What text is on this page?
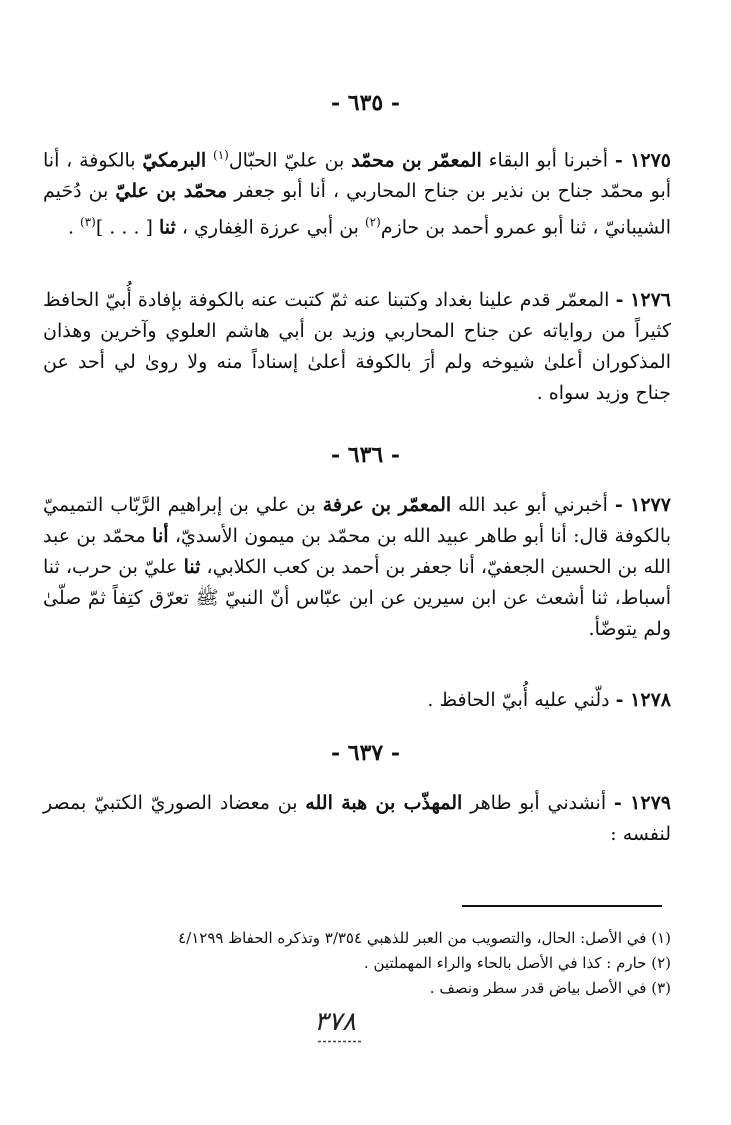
- ٦٣٥ -
١٢٧٥ - أخبرنا أبو البقاء المعمّر بن محمّد بن عليّ الحبّال$^{(١)}$ البرمكيّ بالكوفة ، أنا أبو محمّد جناح بن نذير بن جناح المحاربي ، أنا أبو جعفر محمّد بن عليّ بن دُحَيم الشيبانيّ ، ثنا أبو عمرو أحمد بن حازم$^{(٢)}$ بن أبي عرزة الغِفاري ، ثنا [ . . . ]$^{(٣)}$ .
١٢٧٦ - المعمّر قدم علينا بغداد وكتبنا عنه ثمّ كتبت عنه بالكوفة بإفادة أُبيّ الحافظ كثيراً من رواياته عن جناح المحاربي وزيد بن أبي هاشم العلوي وآخرين وهذان المذكوران أعلىٰ شيوخه ولم أرَ بالكوفة أعلىٰ إسناداً منه ولا روىٰ لي أحد عن جناح وزيد سواه .
- ٦٣٦ -
١٢٧٧ - أخبرني أبو عبد الله المعمّر بن عرفة بن علي بن إبراهيم الرَّبّاب التميميّ بالكوفة قال: أنا أبو طاهر عبيد الله بن محمّد بن ميمون الأسديّ، أنا محمّد بن عبد الله بن الحسين الجعفيّ، أنا جعفر بن أحمد بن كعب الكلابي، ثنا عليّ بن حرب، ثنا أسباط، ثنا أشعث عن ابن سيرين عن ابن عبّاس أنّ النبيّ ﷺ تعرّق كتِفاً ثمّ صلّىٰ ولم يتوضّأ.
١٢٧٨ - دلّني عليه أُبيّ الحافظ .
- ٦٣٧ -
١٢٧٩ - أنشدني أبو طاهر المهذّب بن هبة الله بن معضاد الصوريّ الكتبيّ بمصر لنفسه :
(١) في الأصل: الحال، والتصويب من العبر للذهبي ٣/٣٥٤ وتذكره الحفاظ ٤/١٢٩٩
(٢) حارم : كذا في الأصل بالحاء والراء المهملتين .
(٣) في الأصل بياض قدر سطر ونصف .
٣٧٨
